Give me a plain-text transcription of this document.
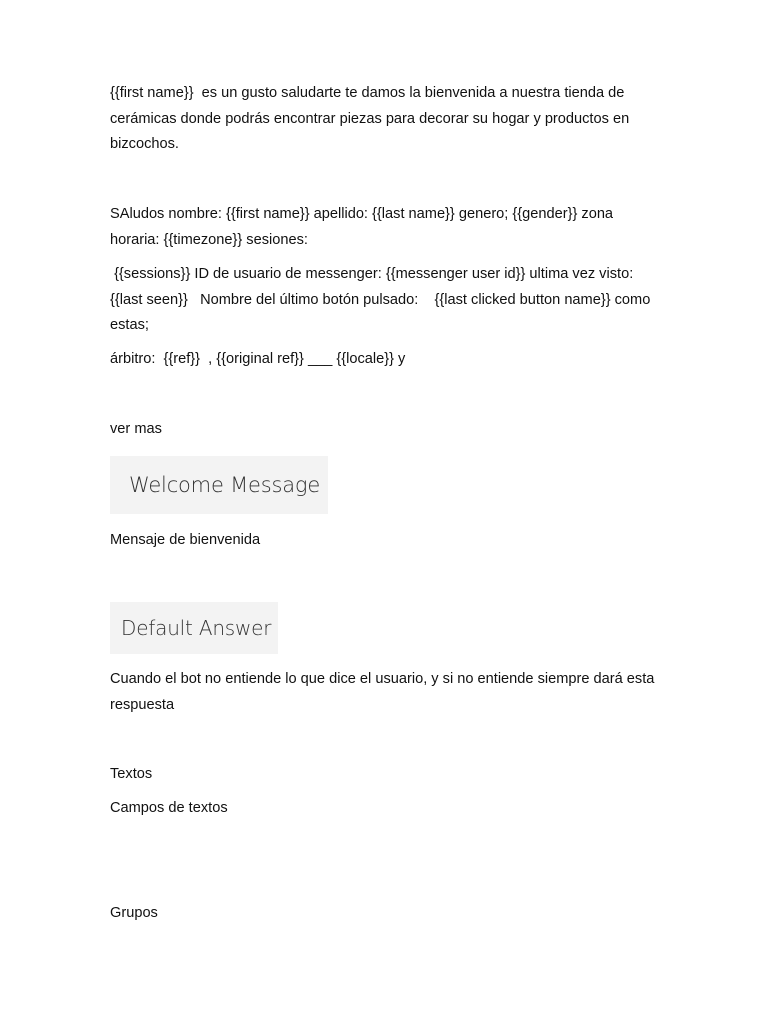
{{first name}}  es un gusto saludarte te damos la bienvenida a nuestra tienda de cerámicas donde podrás encontrar piezas para decorar su hogar y productos en bizcochos.

SAludos nombre: {{first name}} apellido: {{last name}} genero; {{gender}} zona horaria: {{timezone}} sesiones:

{{sessions}} ID de usuario de messenger: {{messenger user id}} ultima vez visto:  {{last seen}}   Nombre del último botón pulsado:    {{last clicked button name}} como estas;

árbitro:  {{ref}}  , {{original ref}} ___ {{locale}} y

ver mas

Welcome Message

Mensaje de bienvenida

Default Answer

Cuando el bot no entiende lo que dice el usuario, y si no entiende siempre dará esta respuesta

Textos

Campos de textos

Grupos
